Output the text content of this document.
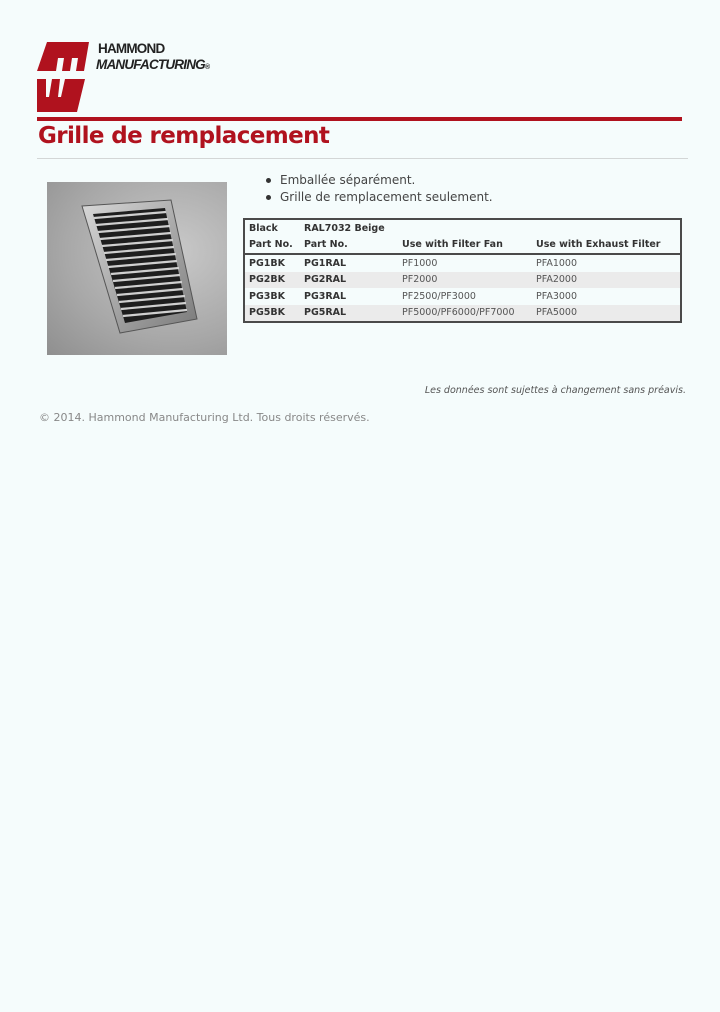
HAMMOND
MANUFACTURING®
Grille de remplacement
Emballée séparément.
Grille de remplacement seulement.
Black	RAL7032 Beige		
Part No.	Part No.	Use with Filter Fan	Use with Exhaust Filter
PG1BK	PG1RAL	PF1000	PFA1000
PG2BK	PG2RAL	PF2000	PFA2000
PG3BK	PG3RAL	PF2500/PF3000	PFA3000
PG5BK	PG5RAL	PF5000/PF6000/PF7000	PFA5000
Les données sont sujettes à changement sans préavis.
© 2014. Hammond Manufacturing Ltd. Tous droits réservés.
